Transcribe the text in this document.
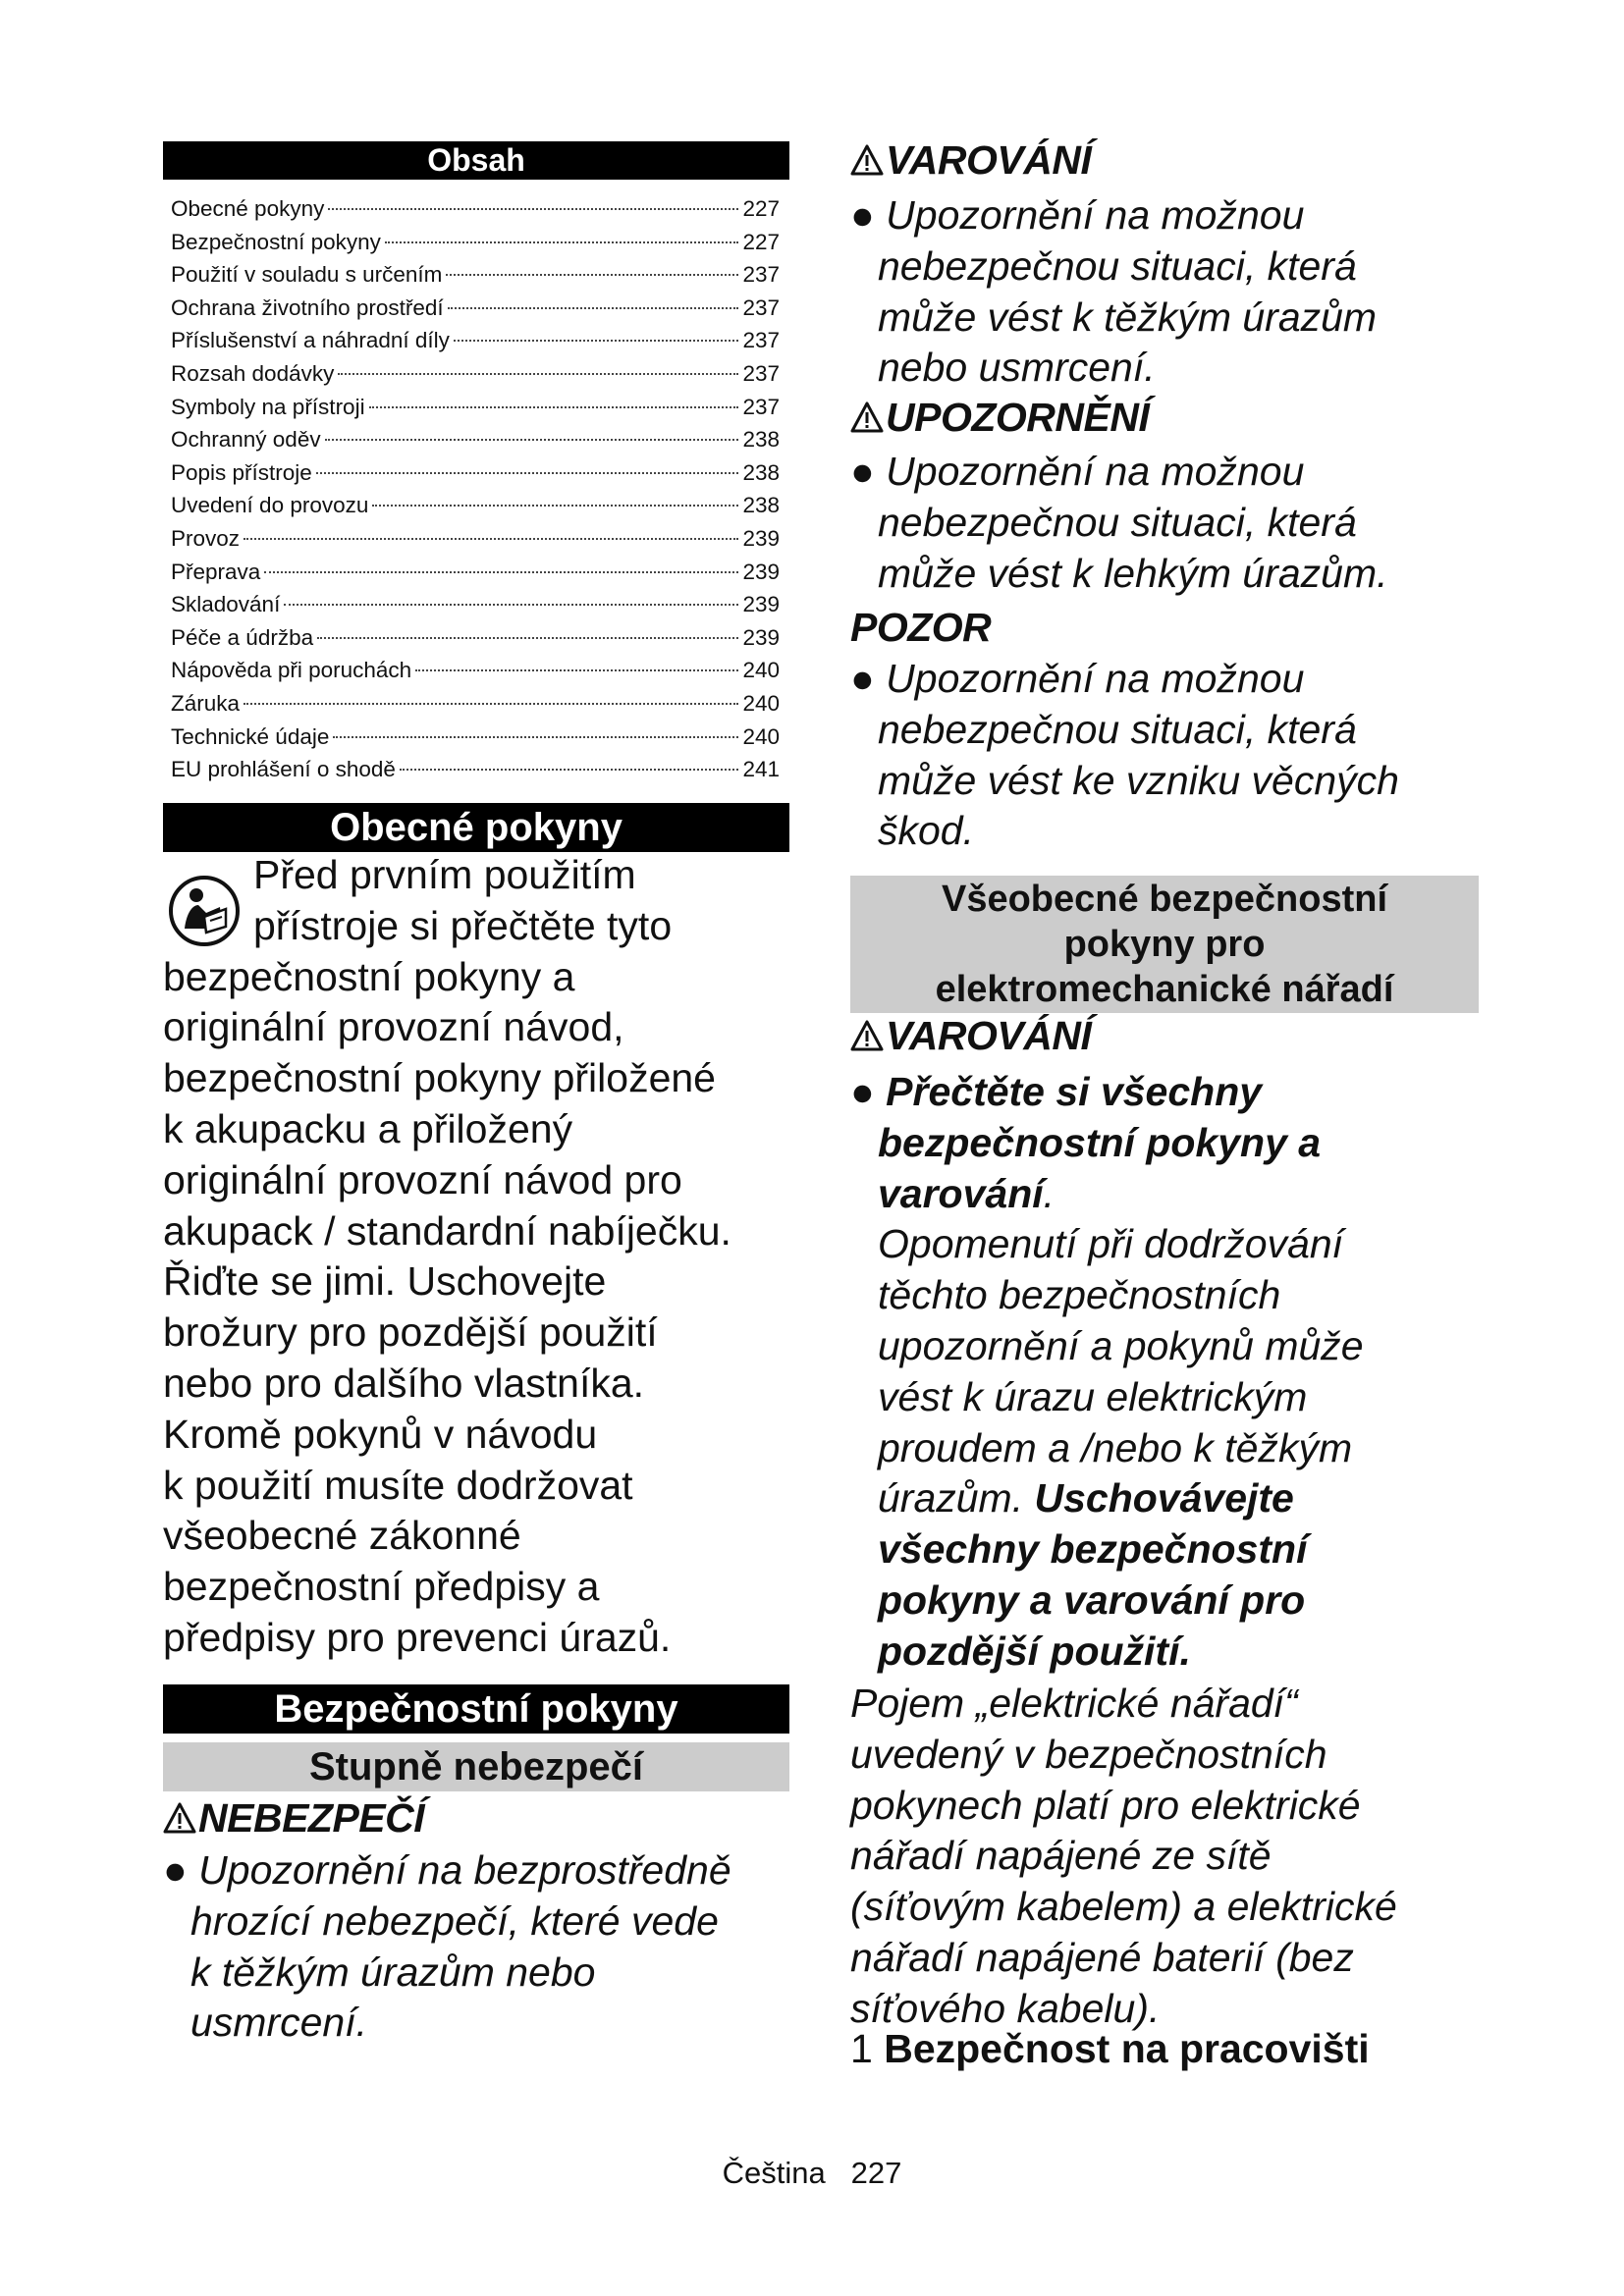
Obsah
Obecné pokyny	227
Bezpečnostní pokyny	227
Použití v souladu s určením	237
Ochrana životního prostředí	237
Příslušenství a náhradní díly	237
Rozsah dodávky	237
Symboly na přístroji	237
Ochranný oděv	238
Popis přístroje	238
Uvedení do provozu	238
Provoz	239
Přeprava	239
Skladování	239
Péče a údržba	239
Nápověda při poruchách	240
Záruka	240
Technické údaje	240
EU prohlášení o shodě	241
Obecné pokyny
Před prvním použitím
přístroje si přečtěte tyto
bezpečnostní pokyny a
originální provozní návod,
bezpečnostní pokyny přiložené
k akupacku a přiložený
originální provozní návod pro
akupack / standardní nabíječku.
Řiďte se jimi. Uschovejte
brožury pro pozdější použití
nebo pro dalšího vlastníka.
Kromě pokynů v návodu
k použití musíte dodržovat
všeobecné zákonné
bezpečnostní předpisy a
předpisy pro prevenci úrazů.
Bezpečnostní pokyny
Stupně nebezpečí
NEBEZPEČÍ
● Upozornění na bezprostředně
hrozící nebezpečí, které vede
k těžkým úrazům nebo
usmrcení.
VAROVÁNÍ
● Upozornění na možnou
nebezpečnou situaci, která
může vést k těžkým úrazům
nebo usmrcení.
UPOZORNĚNÍ
● Upozornění na možnou
nebezpečnou situaci, která
může vést k lehkým úrazům.
POZOR
● Upozornění na možnou
nebezpečnou situaci, která
může vést ke vzniku věcných
škod.
Všeobecné bezpečnostní
pokyny pro
elektromechanické nářadí
VAROVÁNÍ
● Přečtěte si všechny
bezpečnostní pokyny a
varování.
Opomenutí při dodržování
těchto bezpečnostních
upozornění a pokynů může
vést k úrazu elektrickým
proudem a /nebo k těžkým
úrazům. Uschovávejte
všechny bezpečnostní
pokyny a varování pro
pozdější použití.
Pojem „elektrické nářadí“
uvedený v bezpečnostních
pokynech platí pro elektrické
nářadí napájené ze sítě
(síťovým kabelem) a elektrické
nářadí napájené baterií (bez
síťového kabelu).
1 Bezpečnost na pracovišti
Čeština 227
